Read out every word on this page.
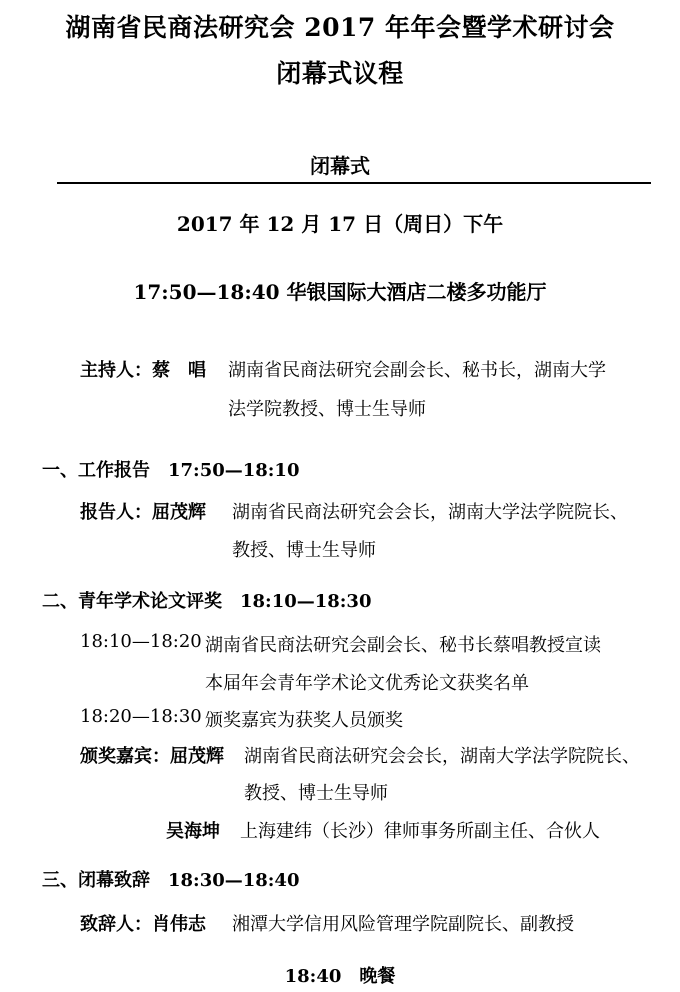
湖南省民商法研究会 2017 年年会暨学术研讨会
闭幕式议程
闭幕式
2017 年 12 月 17 日（周日）下午
17:50—18:40 华银国际大酒店二楼多功能厅
主持人：蔡　唱 湖南省民商法研究会副会长、秘书长，湖南大学
法学院教授、博士生导师
一、工作报告　17:50—18:10
报告人：屈茂辉 湖南省民商法研究会会长，湖南大学法学院院长、
教授、博士生导师
二、青年学术论文评奖　18:10—18:30
18:10—18:20 湖南省民商法研究会副会长、秘书长蔡唱教授宣读
本届年会青年学术论文优秀论文获奖名单
18:20—18:30 颁奖嘉宾为获奖人员颁奖
颁奖嘉宾：屈茂辉 湖南省民商法研究会会长，湖南大学法学院院长、
教授、博士生导师
吴海坤 上海建纬（长沙）律师事务所副主任、合伙人
三、闭幕致辞　18:30—18:40
致辞人：肖伟志 湘潭大学信用风险管理学院副院长、副教授
18:40　晚餐
